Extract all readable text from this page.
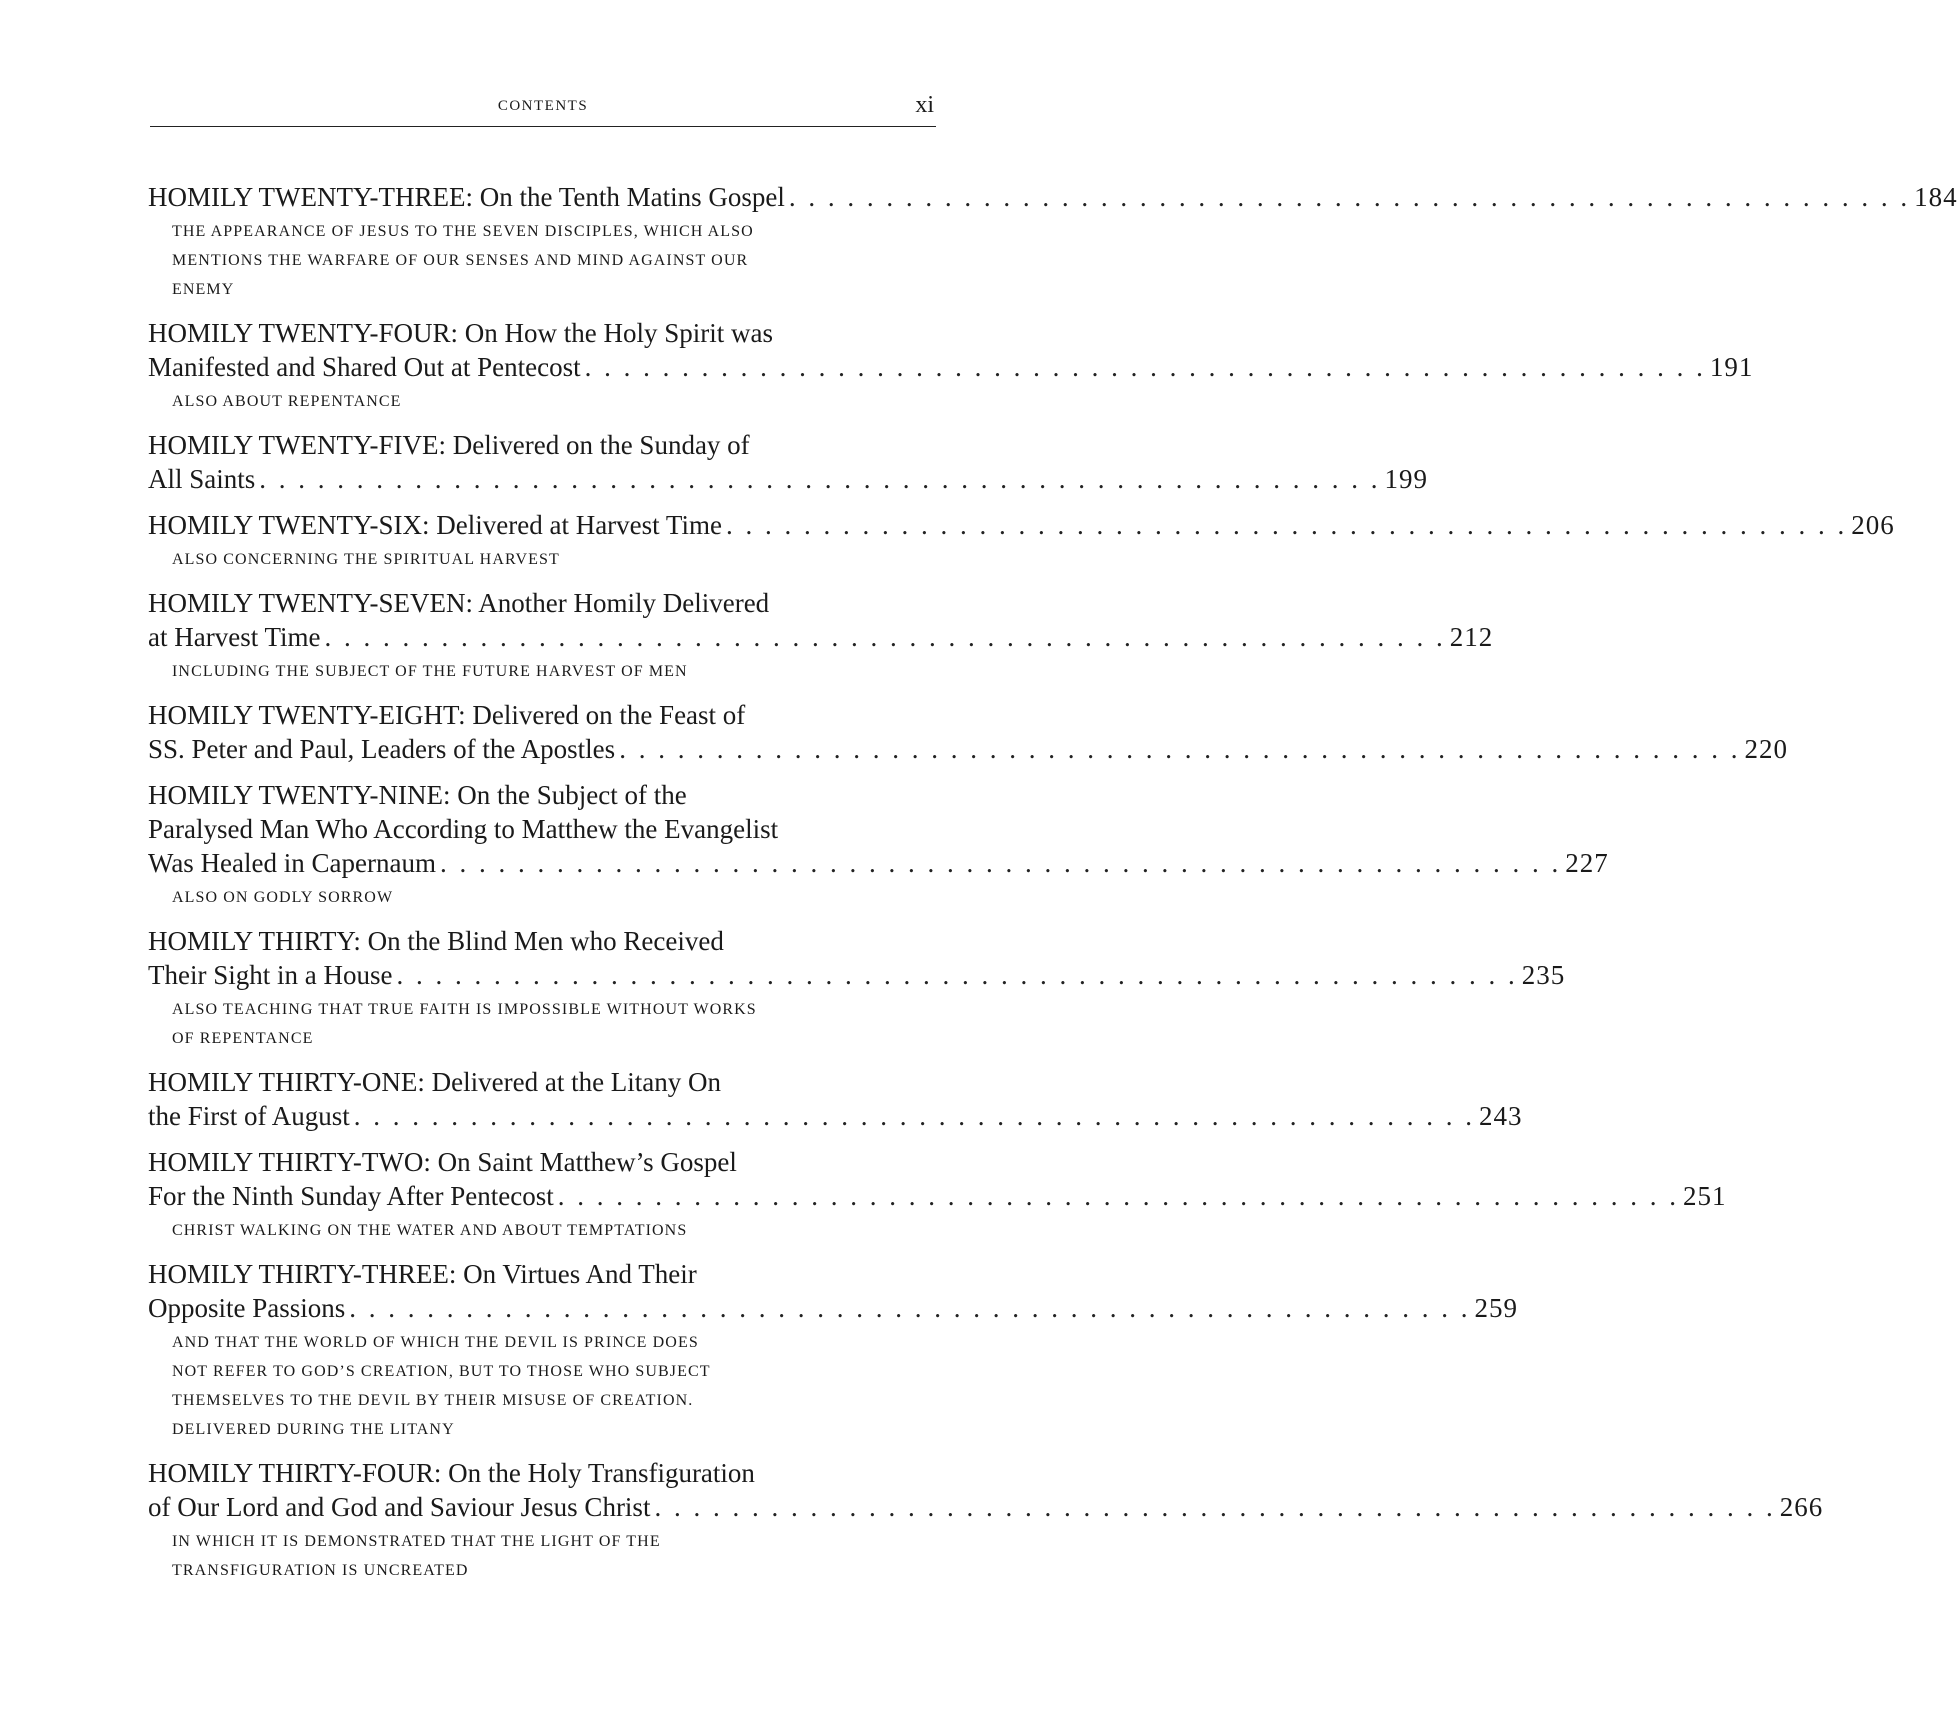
CONTENTS	xi
HOMILY TWENTY-THREE: On the Tenth Matins Gospel . . . . . . . . . . . . . . . . . . . . . . . . . . . . . . . . . . . . . . . . . . . . . . . . . . . . . . . . . . 184
THE APPEARANCE OF JESUS TO THE SEVEN DISCIPLES, WHICH ALSO
MENTIONS THE WARFARE OF OUR SENSES AND MIND AGAINST OUR
ENEMY
HOMILY TWENTY-FOUR: On How the Holy Spirit was
Manifested and Shared Out at Pentecost . . . . . . . . . . . . . . . . . . . . . . . . . . . . . . . . . . . . . . . . . . . . . . . . . . . . . . . . . . 191
ALSO ABOUT REPENTANCE
HOMILY TWENTY-FIVE: Delivered on the Sunday of
All Saints . . . . . . . . . . . . . . . . . . . . . . . . . . . . . . . . . . . . . . . . . . . . . . . . . . . . . . . . . . 199
HOMILY TWENTY-SIX: Delivered at Harvest Time . . . . . . . . . . . . . . . . . . . . . . . . . . . . . . . . . . . . . . . . . . . . . . . . . . . . . . . . . . 206
ALSO CONCERNING THE SPIRITUAL HARVEST
HOMILY TWENTY-SEVEN: Another Homily Delivered
at Harvest Time . . . . . . . . . . . . . . . . . . . . . . . . . . . . . . . . . . . . . . . . . . . . . . . . . . . . . . . . . . 212
INCLUDING THE SUBJECT OF THE FUTURE HARVEST OF MEN
HOMILY TWENTY-EIGHT: Delivered on the Feast of
SS. Peter and Paul, Leaders of the Apostles . . . . . . . . . . . . . . . . . . . . . . . . . . . . . . . . . . . . . . . . . . . . . . . . . . . . . . . . . . 220
HOMILY TWENTY-NINE: On the Subject of the
Paralysed Man Who According to Matthew the Evangelist
Was Healed in Capernaum . . . . . . . . . . . . . . . . . . . . . . . . . . . . . . . . . . . . . . . . . . . . . . . . . . . . . . . . . . 227
ALSO ON GODLY SORROW
HOMILY THIRTY: On the Blind Men who Received
Their Sight in a House . . . . . . . . . . . . . . . . . . . . . . . . . . . . . . . . . . . . . . . . . . . . . . . . . . . . . . . . . . 235
ALSO TEACHING THAT TRUE FAITH IS IMPOSSIBLE WITHOUT WORKS
OF REPENTANCE
HOMILY THIRTY-ONE: Delivered at the Litany On
the First of August . . . . . . . . . . . . . . . . . . . . . . . . . . . . . . . . . . . . . . . . . . . . . . . . . . . . . . . . . . 243
HOMILY THIRTY-TWO: On Saint Matthew’s Gospel
For the Ninth Sunday After Pentecost . . . . . . . . . . . . . . . . . . . . . . . . . . . . . . . . . . . . . . . . . . . . . . . . . . . . . . . . . . 251
CHRIST WALKING ON THE WATER AND ABOUT TEMPTATIONS
HOMILY THIRTY-THREE: On Virtues And Their
Opposite Passions . . . . . . . . . . . . . . . . . . . . . . . . . . . . . . . . . . . . . . . . . . . . . . . . . . . . . . . . . . 259
AND THAT THE WORLD OF WHICH THE DEVIL IS PRINCE DOES
NOT REFER TO GOD’S CREATION, BUT TO THOSE WHO SUBJECT
THEMSELVES TO THE DEVIL BY THEIR MISUSE OF CREATION.
DELIVERED DURING THE LITANY
HOMILY THIRTY-FOUR: On the Holy Transfiguration
of Our Lord and God and Saviour Jesus Christ . . . . . . . . . . . . . . . . . . . . . . . . . . . . . . . . . . . . . . . . . . . . . . . . . . . . . . . . . . 266
IN WHICH IT IS DEMONSTRATED THAT THE LIGHT OF THE
TRANSFIGURATION IS UNCREATED
